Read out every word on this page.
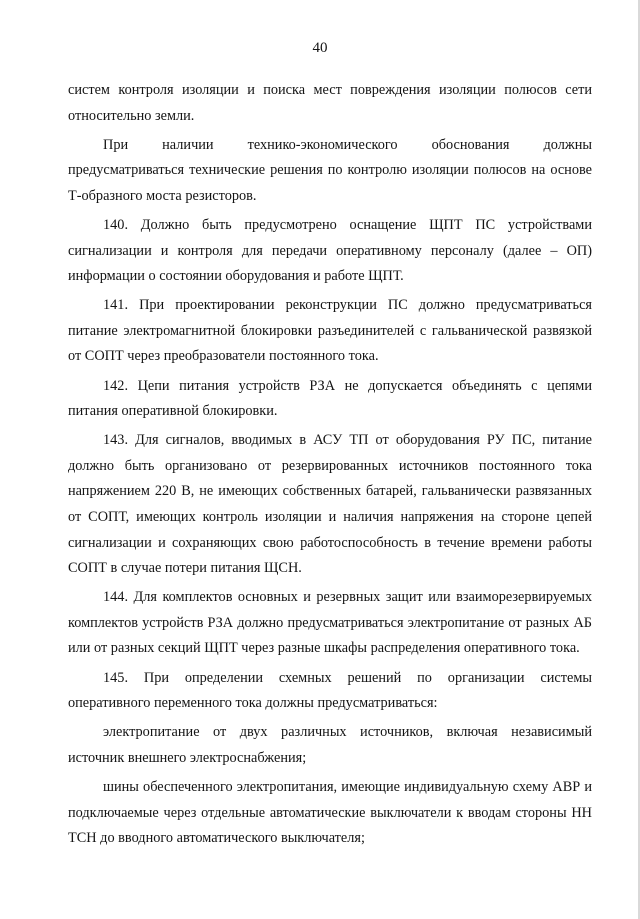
40

систем контроля изоляции и поиска мест повреждения изоляции полюсов сети
относительно земли.

При наличии технико-экономического обоснования должны
предусматриваться технические решения по контролю изоляции полюсов на основе
Т-образного моста резисторов.

140. Должно быть предусмотрено оснащение ЩПТ ПС устройствами
сигнализации и контроля для передачи оперативному персоналу (далее – ОП)
информации о состоянии оборудования и работе ЩПТ.

141. При проектировании реконструкции ПС должно предусматриваться
питание электромагнитной блокировки разъединителей с гальванической развязкой
от СОПТ через преобразователи постоянного тока.

142. Цепи питания устройств РЗА не допускается объединять с цепями
питания оперативной блокировки.

143. Для сигналов, вводимых в АСУ ТП от оборудования РУ ПС, питание
должно быть организовано от резервированных источников постоянного тока
напряжением 220 В, не имеющих собственных батарей, гальванически развязанных
от СОПТ, имеющих контроль изоляции и наличия напряжения на стороне цепей
сигнализации и сохраняющих свою работоспособность в течение времени работы
СОПТ в случае потери питания ЩСН.

144. Для комплектов основных и резервных защит или взаиморезервируемых
комплектов устройств РЗА должно предусматриваться электропитание от разных АБ
или от разных секций ЩПТ через разные шкафы распределения оперативного тока.

145. При определении схемных решений по организации системы
оперативного переменного тока должны предусматриваться:

электропитание от двух различных источников, включая независимый
источник внешнего электроснабжения;

шины обеспеченного электропитания, имеющие индивидуальную схему АВР и
подключаемые через отдельные автоматические выключатели к вводам стороны НН
ТСН до вводного автоматического выключателя;
